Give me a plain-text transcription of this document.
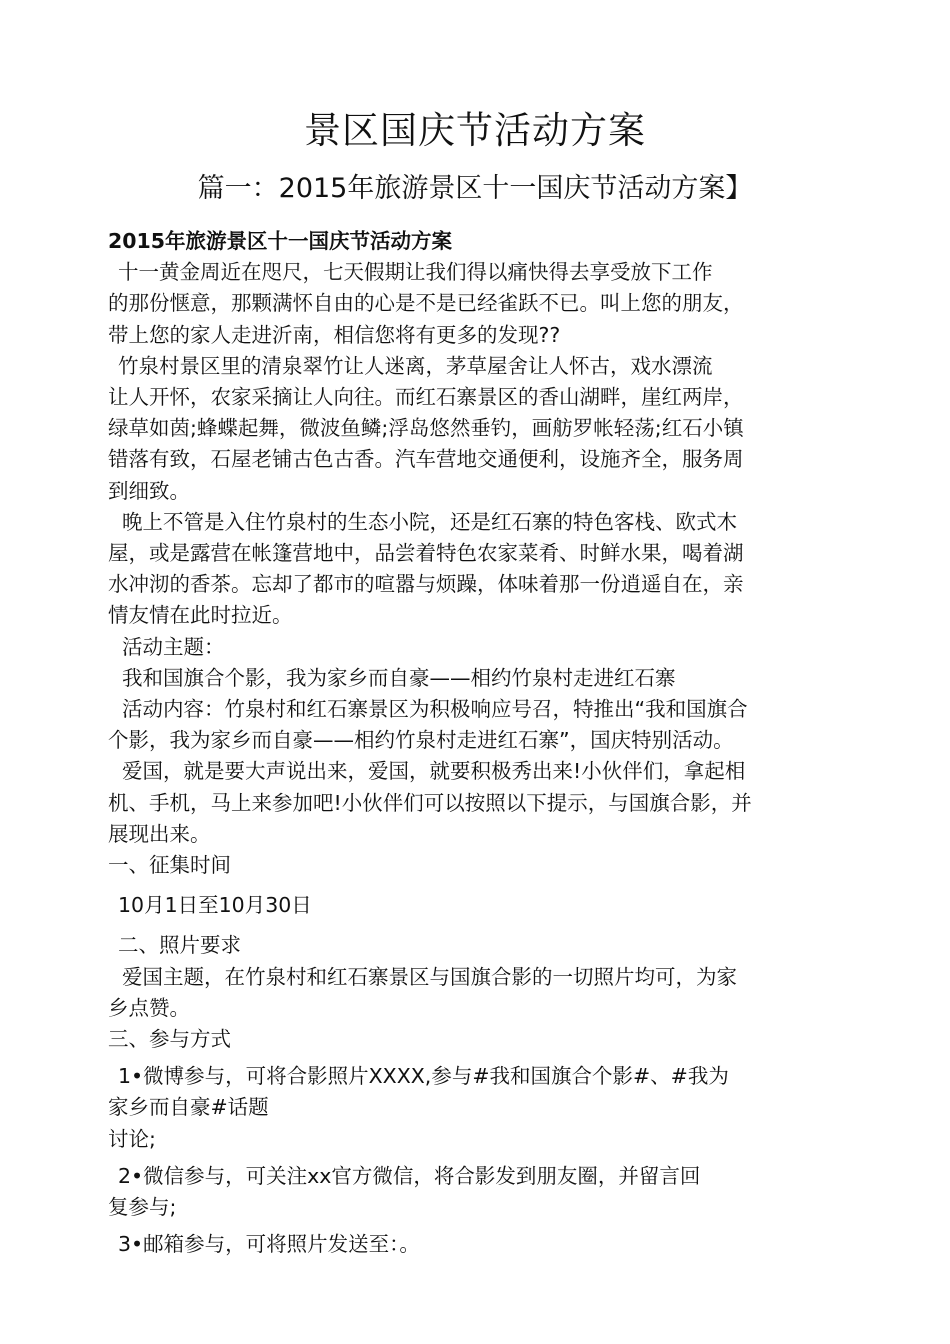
景区国庆节活动方案
篇一：2015年旅游景区十一国庆节活动方案】
2015年旅游景区十一国庆节活动方案
十一黄金周近在咫尺，七天假期让我们得以痛快得去享受放下工作
的那份惬意，那颗满怀自由的心是不是已经雀跃不已。叫上您的朋友，
带上您的家人走进沂南，相信您将有更多的发现??
竹泉村景区里的清泉翠竹让人迷离，茅草屋舍让人怀古，戏水漂流
让人开怀，农家采摘让人向往。而红石寨景区的香山湖畔，崖红两岸，
绿草如茵;蜂蝶起舞，微波鱼鳞;浮岛悠然垂钓，画舫罗帐轻荡;红石小镇
错落有致，石屋老铺古色古香。汽车营地交通便利，设施齐全，服务周
到细致。
晚上不管是入住竹泉村的生态小院，还是红石寨的特色客栈、欧式木
屋，或是露营在帐篷营地中，品尝着特色农家菜肴、时鲜水果，喝着湖
水冲沏的香茶。忘却了都市的喧嚣与烦躁，体味着那一份逍遥自在，亲
情友情在此时拉近。
活动主题：
我和国旗合个影，我为家乡而自豪——相约竹泉村走进红石寨
活动内容：竹泉村和红石寨景区为积极响应号召，特推出“我和国旗合
个影，我为家乡而自豪——相约竹泉村走进红石寨”，国庆特别活动。
爱国，就是要大声说出来，爱国，就要积极秀出来!小伙伴们，拿起相
机、手机，马上来参加吧!小伙伴们可以按照以下提示，与国旗合影，并
展现出来。
一、征集时间
10月1日至10月30日
二、照片要求
爱国主题，在竹泉村和红石寨景区与国旗合影的一切照片均可，为家
乡点赞。
三、参与方式
1•微博参与，可将合影照片XXXX,参与#我和国旗合个影#、#我为
家乡而自豪#话题
讨论;
2•微信参与，可关注xx官方微信，将合影发到朋友圈，并留言回
复参与;
3•邮箱参与，可将照片发送至：。
